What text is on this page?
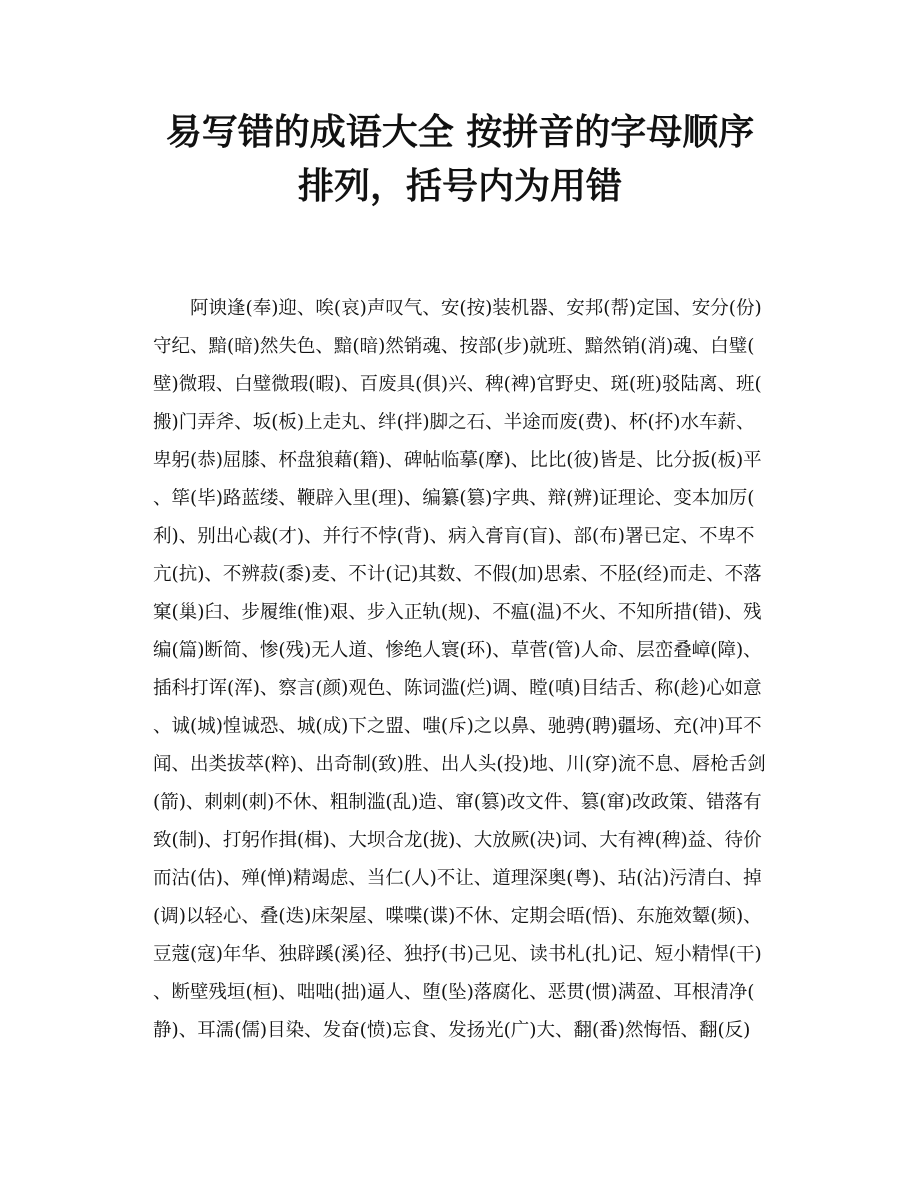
易写错的成语大全 按拼音的字母顺序
排列，括号内为用错
阿谀逢(奉)迎、唉(哀)声叹气、安(按)装机器、安邦(帮)定国、安分(份)
守纪、黯(暗)然失色、黯(暗)然销魂、按部(步)就班、黯然销(消)魂、白璧(
壁)微瑕、白璧微瑕(暇)、百废具(俱)兴、稗(裨)官野史、斑(班)驳陆离、班(
搬)门弄斧、坂(板)上走丸、绊(拌)脚之石、半途而废(费)、杯(抔)水车薪、
卑躬(恭)屈膝、杯盘狼藉(籍)、碑帖临摹(摩)、比比(彼)皆是、比分扳(板)平
、筚(毕)路蓝缕、鞭辟入里(理)、编纂(篡)字典、辩(辨)证理论、变本加厉(
利)、别出心裁(才)、并行不悖(背)、病入膏肓(盲)、部(布)署已定、不卑不
亢(抗)、不辨菽(黍)麦、不计(记)其数、不假(加)思索、不胫(经)而走、不落
窠(巢)臼、步履维(惟)艰、步入正轨(规)、不瘟(温)不火、不知所措(错)、残
编(篇)断简、惨(残)无人道、惨绝人寰(环)、草菅(管)人命、层峦叠嶂(障)、
插科打诨(浑)、察言(颜)观色、陈词滥(烂)调、瞠(嗔)目结舌、称(趁)心如意
、诚(城)惶诚恐、城(成)下之盟、嗤(斥)之以鼻、驰骋(聘)疆场、充(冲)耳不
闻、出类拔萃(粹)、出奇制(致)胜、出人头(投)地、川(穿)流不息、唇枪舌剑
(箭)、刺刺(刺)不休、粗制滥(乱)造、窜(篡)改文件、篡(窜)改政策、错落有
致(制)、打躬作揖(楫)、大坝合龙(拢)、大放厥(决)词、大有裨(稗)益、待价
而沽(估)、殚(惮)精竭虑、当仁(人)不让、道理深奥(粤)、玷(沾)污清白、掉
(调)以轻心、叠(迭)床架屋、喋喋(谍)不休、定期会晤(悟)、东施效颦(频)、
豆蔻(寇)年华、独辟蹊(溪)径、独抒(书)己见、读书札(扎)记、短小精悍(干)
、断壁残垣(桓)、咄咄(拙)逼人、堕(坠)落腐化、恶贯(惯)满盈、耳根清净(
静)、耳濡(儒)目染、发奋(愤)忘食、发扬光(广)大、翻(番)然悔悟、翻(反)
